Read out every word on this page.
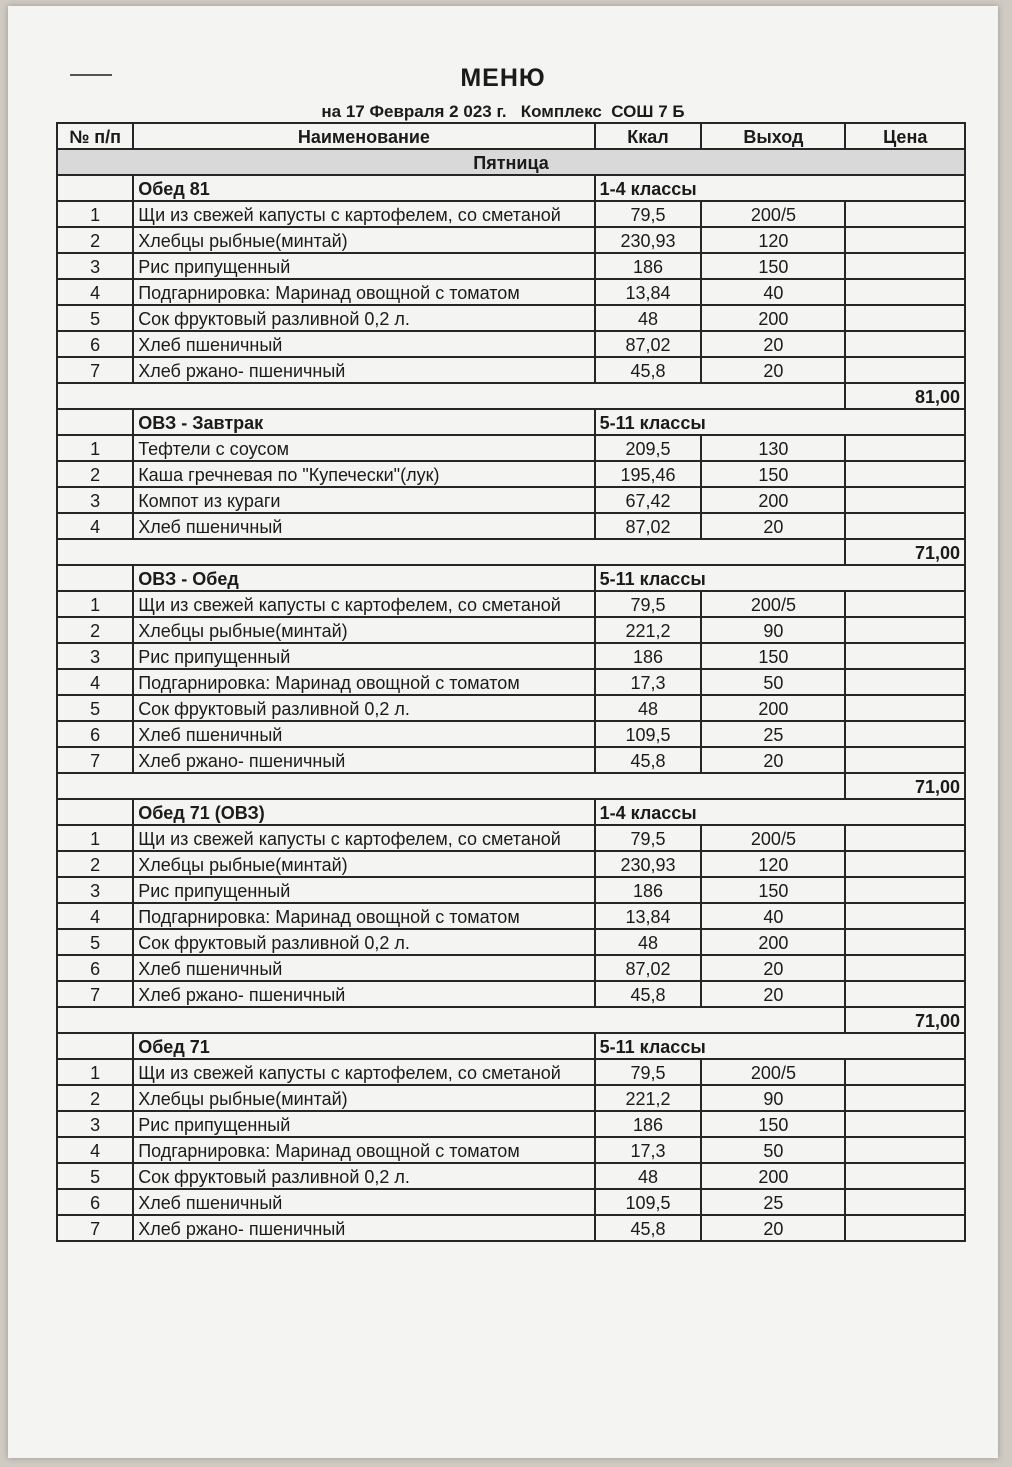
МЕНЮ
на 17 Февраля 2 023 г.   Комплекс  СОШ 7 Б
№ п/п	Наименование	Ккал	Выход	Цена
Пятница				
	Обед 81	1-4 классы		
1	Щи из свежей капусты с картофелем, со сметаной	79,5	200/5	
2	Хлебцы рыбные(минтай)	230,93	120	
3	Рис припущенный	186	150	
4	Подгарнировка: Маринад овощной с томатом	13,84	40	
5	Сок фруктовый разливной 0,2 л.	48	200	
6	Хлеб пшеничный	87,02	20	
7	Хлеб ржано- пшеничный	45,8	20	
				81,00
	ОВЗ - Завтрак	5-11 классы		
1	Тефтели с соусом	209,5	130	
2	Каша гречневая по "Купечески"(лук)	195,46	150	
3	Компот из кураги	67,42	200	
4	Хлеб пшеничный	87,02	20	
				71,00
	ОВЗ - Обед	5-11 классы		
1	Щи из свежей капусты с картофелем, со сметаной	79,5	200/5	
2	Хлебцы рыбные(минтай)	221,2	90	
3	Рис припущенный	186	150	
4	Подгарнировка: Маринад овощной с томатом	17,3	50	
5	Сок фруктовый разливной 0,2 л.	48	200	
6	Хлеб пшеничный	109,5	25	
7	Хлеб ржано- пшеничный	45,8	20	
				71,00
	Обед 71 (ОВЗ)	1-4 классы		
1	Щи из свежей капусты с картофелем, со сметаной	79,5	200/5	
2	Хлебцы рыбные(минтай)	230,93	120	
3	Рис припущенный	186	150	
4	Подгарнировка: Маринад овощной с томатом	13,84	40	
5	Сок фруктовый разливной 0,2 л.	48	200	
6	Хлеб пшеничный	87,02	20	
7	Хлеб ржано- пшеничный	45,8	20	
				71,00
	Обед 71	5-11 классы		
1	Щи из свежей капусты с картофелем, со сметаной	79,5	200/5	
2	Хлебцы рыбные(минтай)	221,2	90	
3	Рис припущенный	186	150	
4	Подгарнировка: Маринад овощной с томатом	17,3	50	
5	Сок фруктовый разливной 0,2 л.	48	200	
6	Хлеб пшеничный	109,5	25	
7	Хлеб ржано- пшеничный	45,8	20	
